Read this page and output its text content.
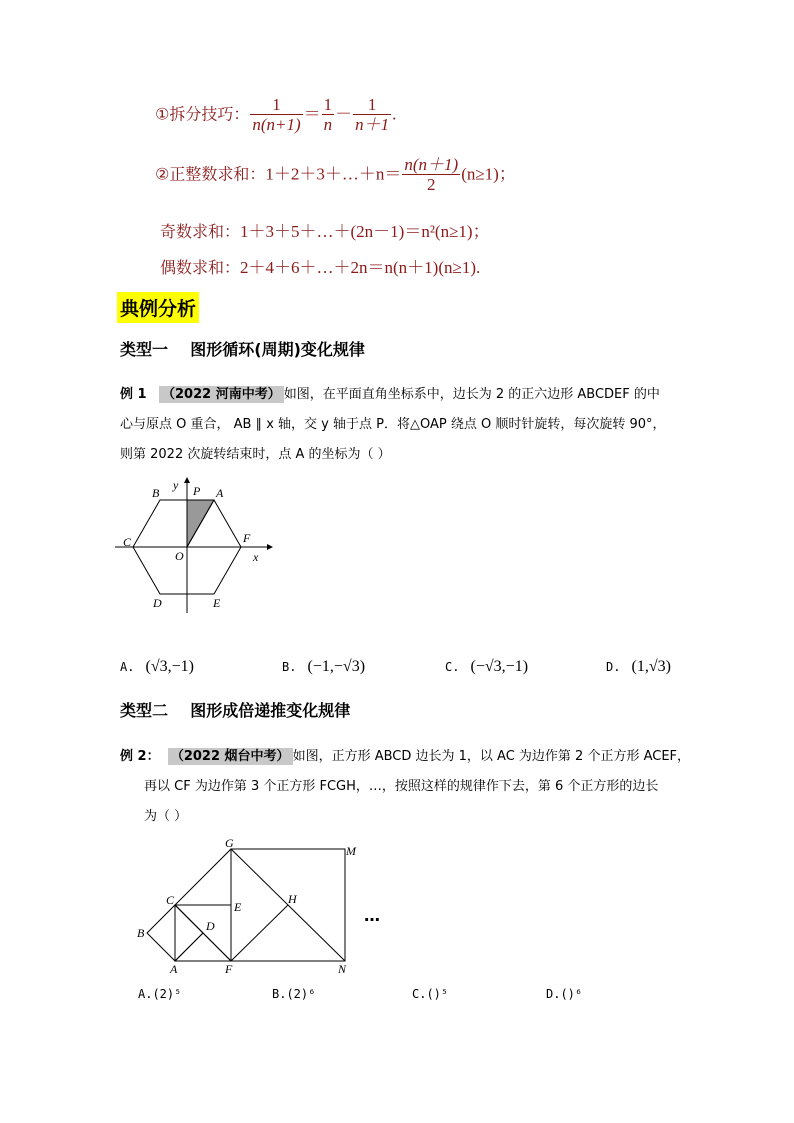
①拆分技巧： $\frac{1}{n(n+1)} = \frac{1}{n} - \frac{1}{n+1}$ .
②正整数求和：1＋2＋3＋…＋n＝ $\frac{n(n+1)}{2} (n\ge 1)$；
奇数求和：1＋3＋5＋…＋(2n－1)＝n²(n≥1)；
偶数求和：2＋4＋6＋…＋2n＝n(n＋1)(n≥1).
典例分析
类型一    图形循环(周期)变化规律
例 1 （2022 河南中考） 如图，在平面直角坐标系中，边长为 2 的正六边形 ABCDEF 的中
心与原点 O 重合， AB ∥ x 轴，交 y 轴于点 P．将△OAP 绕点 O 顺时针旋转，每次旋转 90°，
则第 2022 次旋转结束时，点 A 的坐标为（ ）
B	P A
y
C	F
O	x
D	E
A. (√3,−1)	B. (−1,−√3)	C. (−√3,−1)	D. (1,√3)
类型二    图形成倍递推变化规律
例 2： （2022 烟台中考） 如图，正方形 ABCD 边长为 1，以 AC 为边作第 2 个正方形 ACEF，
再以 CF 为边作第 3 个正方形 FCGH，…，按照这样的规律作下去，第 6 个正方形的边长
为（ ）
G
M
C	E
H
B	D
A	F	N
…
A.(2)⁵	B.(2)⁶	C.()⁵	D.()⁶
